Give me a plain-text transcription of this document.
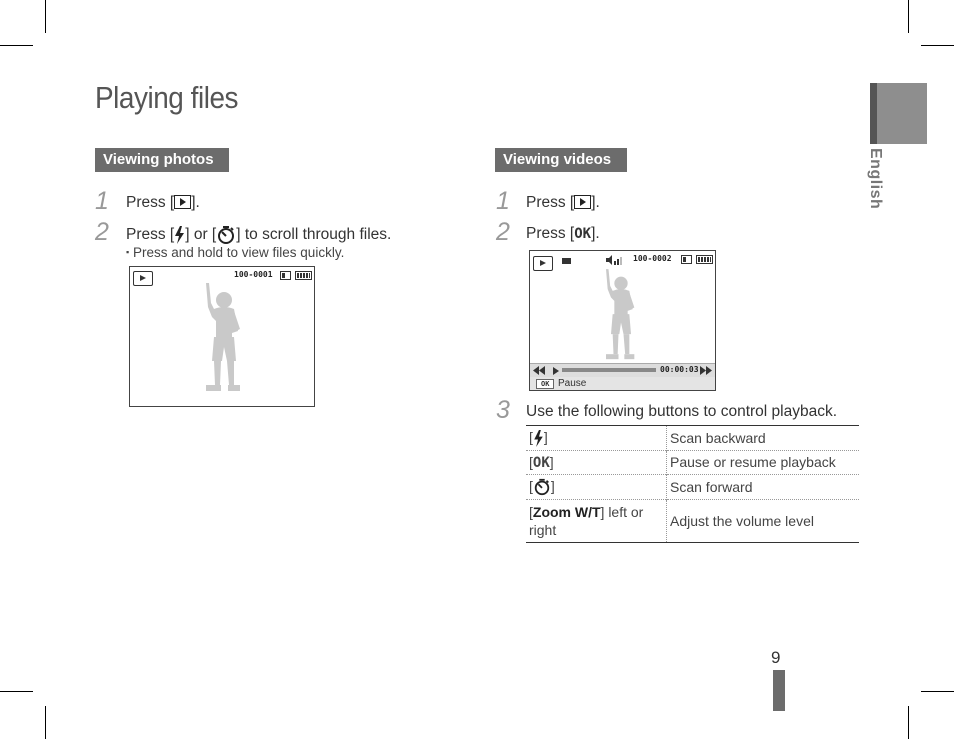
Playing files
English
Viewing photos
1 Press [ ].
2 Press [ ] or [ ] to scroll through files.
▪ Press and hold to view files quickly.
100-0001
Viewing videos
1 Press [ ].
2 Press [OK].
100-0002
00:00:03
OK Pause
3 Use the following buttons to control playback.
[ ]	Scan backward
[OK]	Pause or resume playback
[ ]	Scan forward
[Zoom W/T] left or right	Adjust the volume level
9
